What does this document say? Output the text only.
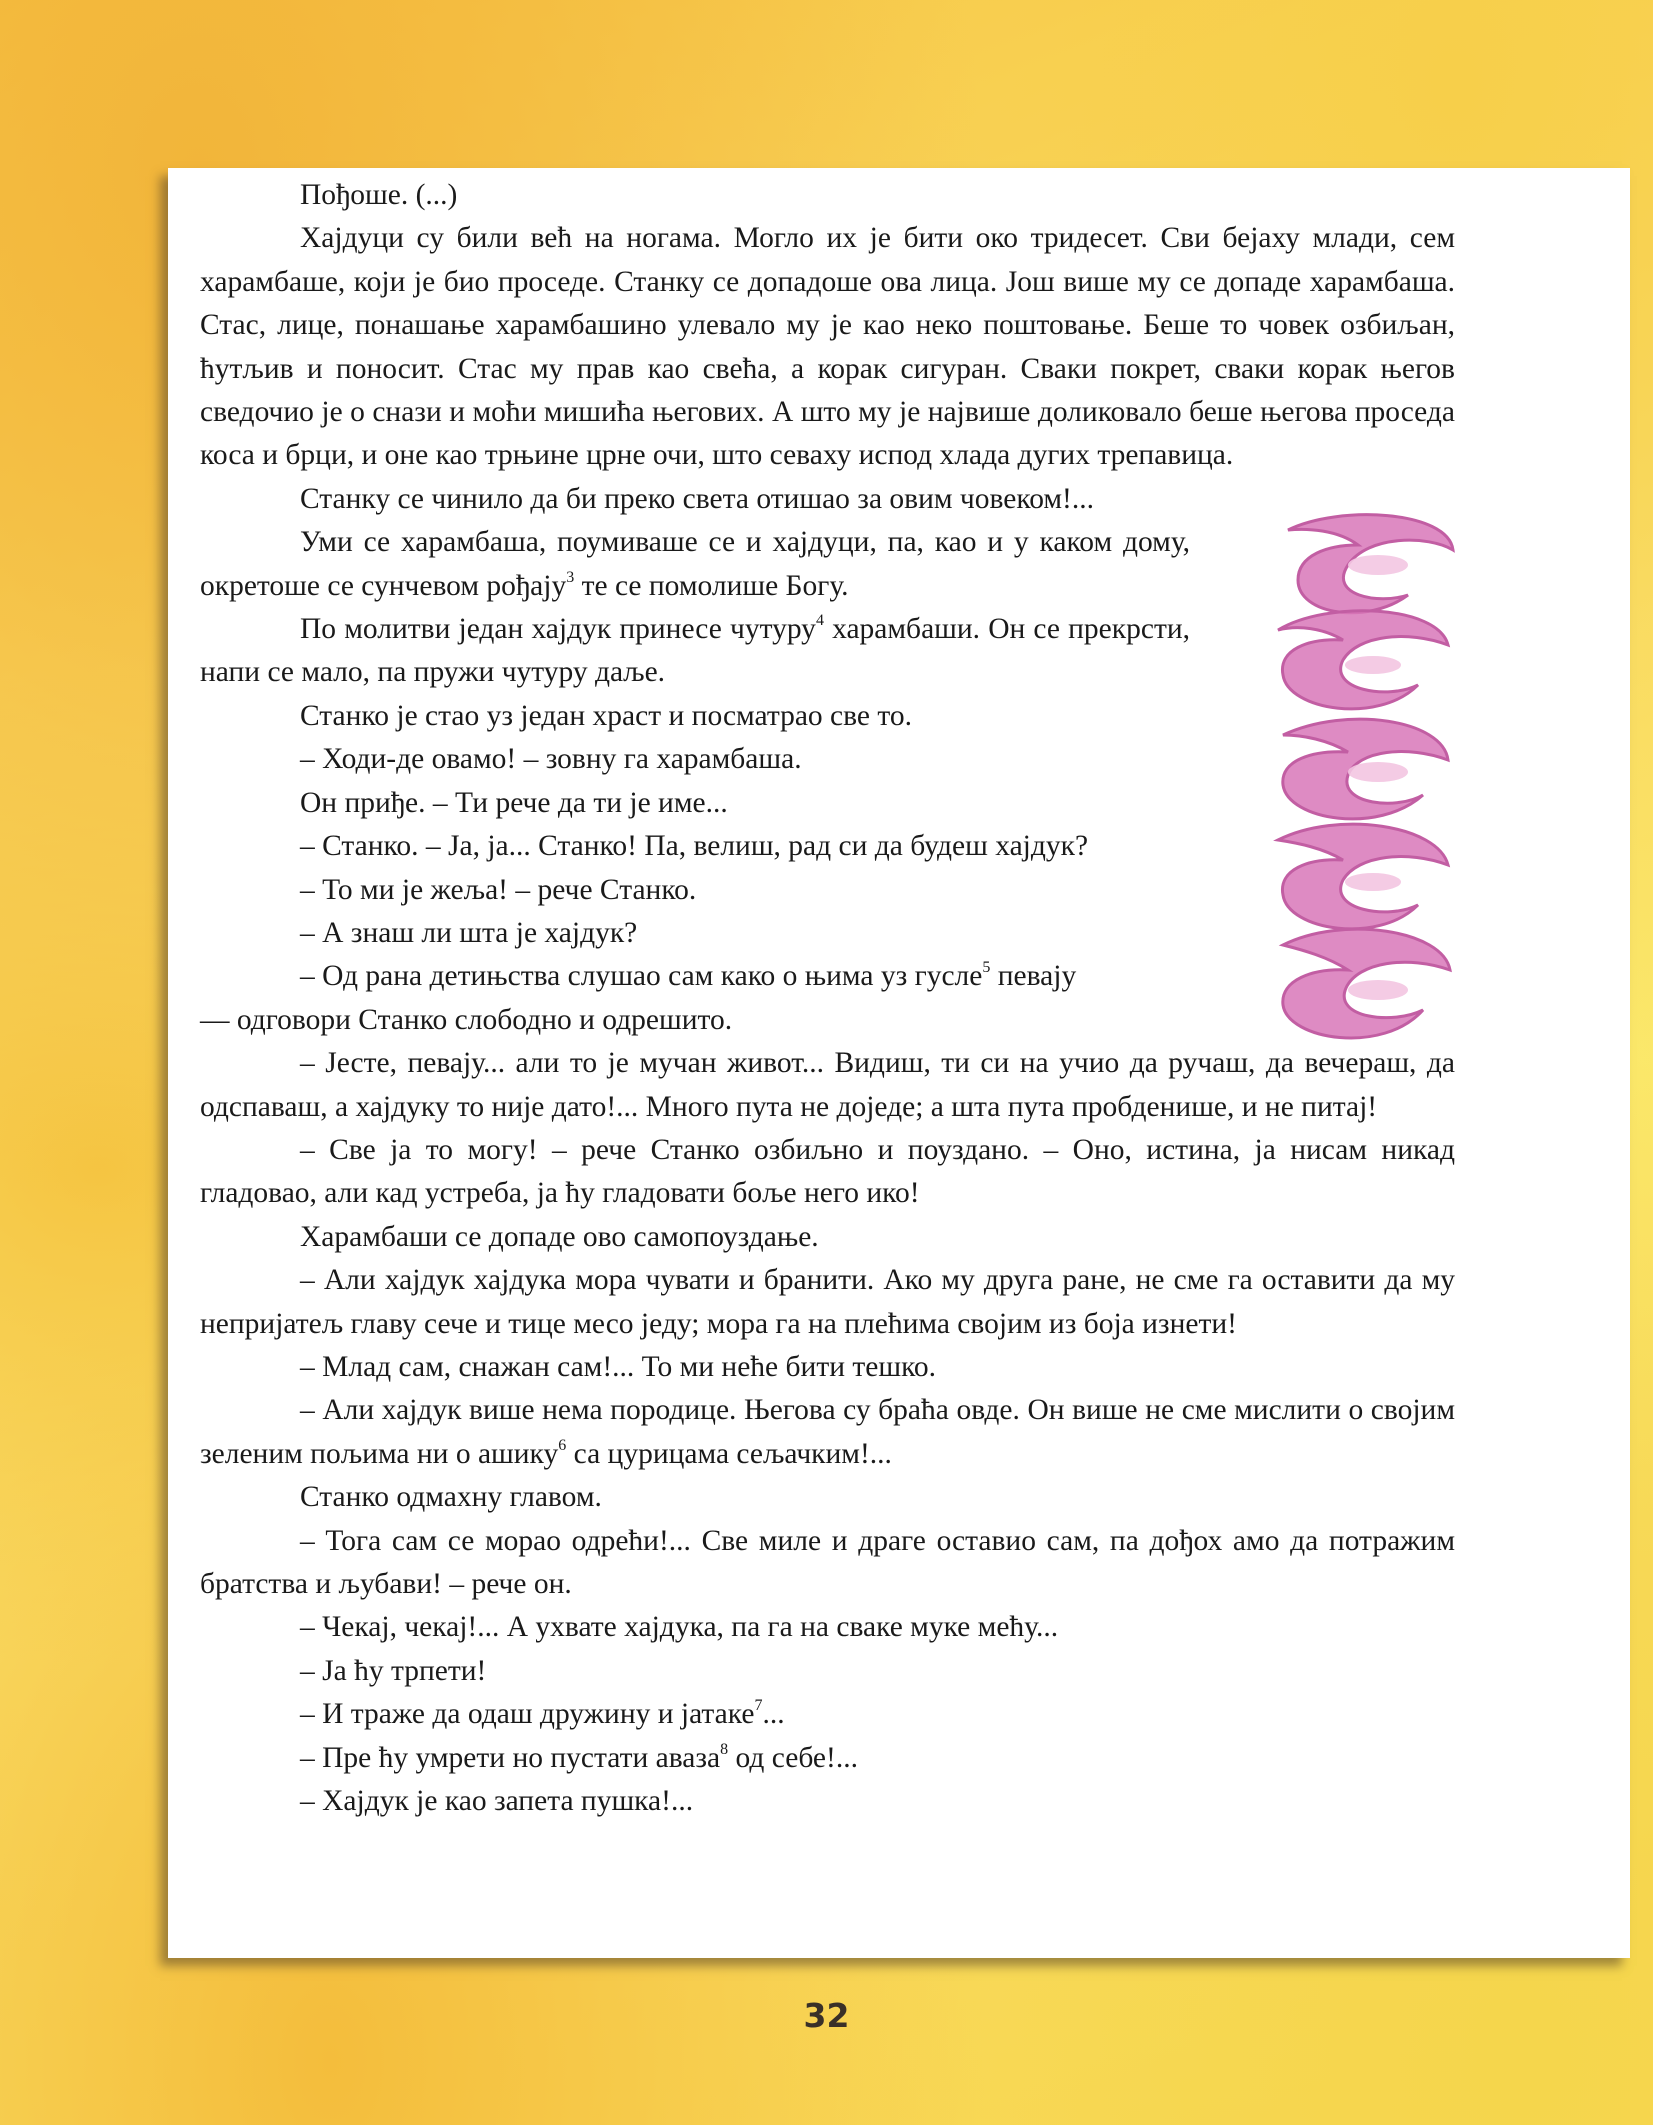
Пођоше. (...)

Хајдуци су били већ на ногама. Могло их је бити око тридесет. Сви бејаху млади, сем харамбаше, који је био проседе. Станку се допадоше ова лица. Још више му се допаде харамбаша. Стас, лице, понашање харамбашино улевало му је као неко поштовање. Беше то човек озбиљан, ћутљив и поносит. Стас му прав као свећа, а корак сигуран. Сваки покрет, сваки корак његов сведочио је о снази и моћи мишића његових. А што му је највише доликовало беше његова проседа коса и брци, и оне као трњине црне очи, што севаху испод хлада дугих трепавица.

Станку се чинило да би преко света отишао за овим човеком!...

Уми се харамбаша, поумиваше се и хајдуци, па, као и у каком дому, окретоше се сунчевом рођају$^3$ те се помолише Богу.

По молитви један хајдук принесе чутуру$^4$ харамбаши. Он се прекрсти, напи се мало, па пружи чутуру даље.

Станко је стао уз један храст и посматрао све то.

– Ходи-де овамо! – зовну га харамбаша.

Он приђе. – Ти рече да ти је име...

– Станко. – Ја, ја... Станко! Па, велиш, рад си да будеш хајдук?

– То ми је жеља! – рече Станко.

– А знаш ли шта је хајдук?

– Од рана детињства слушао сам како о њима уз гусле$^5$ певају

— одговори Станко слободно и одрешито.

– Јесте, певају... али то је мучан живот... Видиш, ти си на учио да ручаш, да вечераш, да одспаваш, а хајдуку то није дато!... Много пута не доједе; а шта пута пробденише, и не питај!

– Све ја то могу! – рече Станко озбиљно и поуздано. – Оно, истина, ја нисам никад гладовао, али кад устреба, ја ћу гладовати боље него ико!

Харамбаши се допаде ово самопоуздање.

– Али хајдук хајдука мора чувати и бранити. Ако му друга ране, не сме га оставити да му непријатељ главу сече и тице месо једу; мора га на плећима својим из боја изнети!

– Млад сам, снажан сам!... То ми неће бити тешко.

– Али хајдук више нема породице. Његова су браћа овде. Он више не сме мислити о својим зеленим пољима ни о ашику$^6$ са цурицама сељачким!...

Станко одмахну главом.

– Тога сам се морао одрећи!... Све миле и драге оставио сам, па дођох амо да потражим братства и љубави! – рече он.

– Чекај, чекај!... А ухвате хајдука, па га на сваке муке мећу...

– Ја ћу трпети!

– И траже да одаш дружину и јатаке$^7$...

– Пре ћу умрети но пустати аваза$^8$ од себе!...

– Хајдук је као запета пушка!...

32
